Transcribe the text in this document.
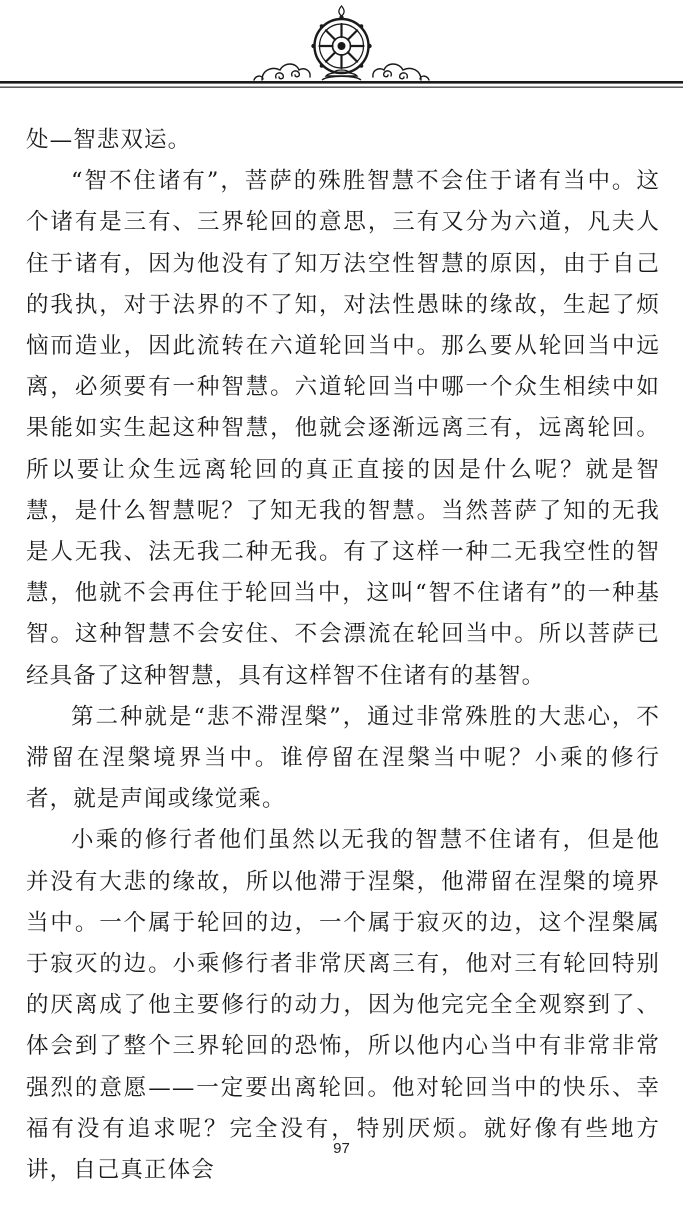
处—智悲双运。

“智不住诸有”，菩萨的殊胜智慧不会住于诸有当中。这个诸有是三有、三界轮回的意思，三有又分为六道，凡夫人住于诸有，因为他没有了知万法空性智慧的原因，由于自己的我执，对于法界的不了知，对法性愚昧的缘故，生起了烦恼而造业，因此流转在六道轮回当中。那么要从轮回当中远离，必须要有一种智慧。六道轮回当中哪一个众生相续中如果能如实生起这种智慧，他就会逐渐远离三有，远离轮回。所以要让众生远离轮回的真正直接的因是什么呢？就是智慧，是什么智慧呢？了知无我的智慧。当然菩萨了知的无我是人无我、法无我二种无我。有了这样一种二无我空性的智慧，他就不会再住于轮回当中，这叫“智不住诸有”的一种基智。这种智慧不会安住、不会漂流在轮回当中。所以菩萨已经具备了这种智慧，具有这样智不住诸有的基智。

第二种就是“悲不滞涅槃”，通过非常殊胜的大悲心，不滞留在涅槃境界当中。谁停留在涅槃当中呢？小乘的修行者，就是声闻或缘觉乘。

小乘的修行者他们虽然以无我的智慧不住诸有，但是他并没有大悲的缘故，所以他滞于涅槃，他滞留在涅槃的境界当中。一个属于轮回的边，一个属于寂灭的边，这个涅槃属于寂灭的边。小乘修行者非常厌离三有，他对三有轮回特别的厌离成了他主要修行的动力，因为他完完全全观察到了、体会到了整个三界轮回的恐怖，所以他内心当中有非常非常强烈的意愿——一定要出离轮回。他对轮回当中的快乐、幸福有没有追求呢？完全没有，特别厌烦。就好像有些地方讲，自己真正体会

97
